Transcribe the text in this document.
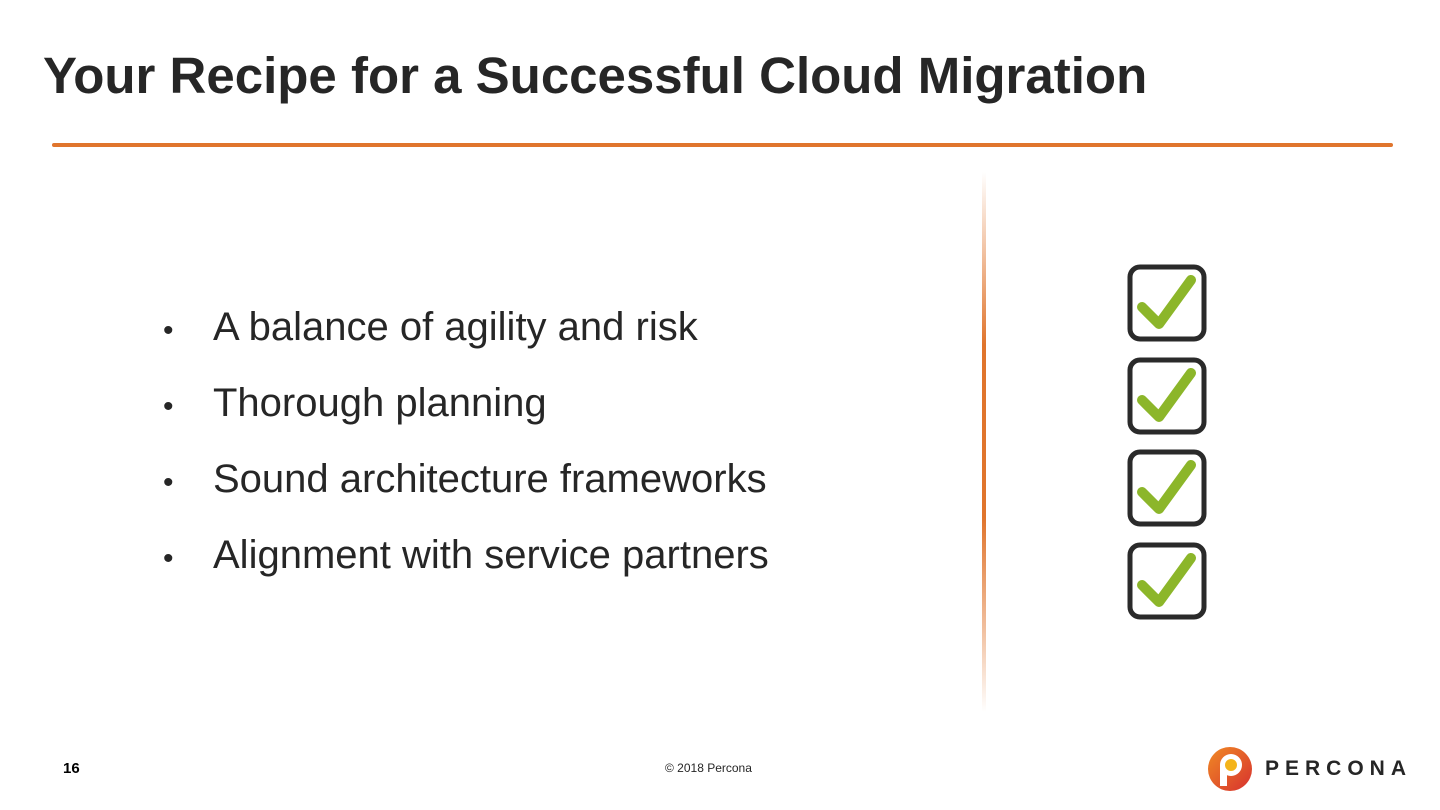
Your Recipe for a Successful Cloud Migration
• A balance of agility and risk
• Thorough planning
• Sound architecture frameworks
• Alignment with service partners
16	© 2018 Percona	PERCONA
